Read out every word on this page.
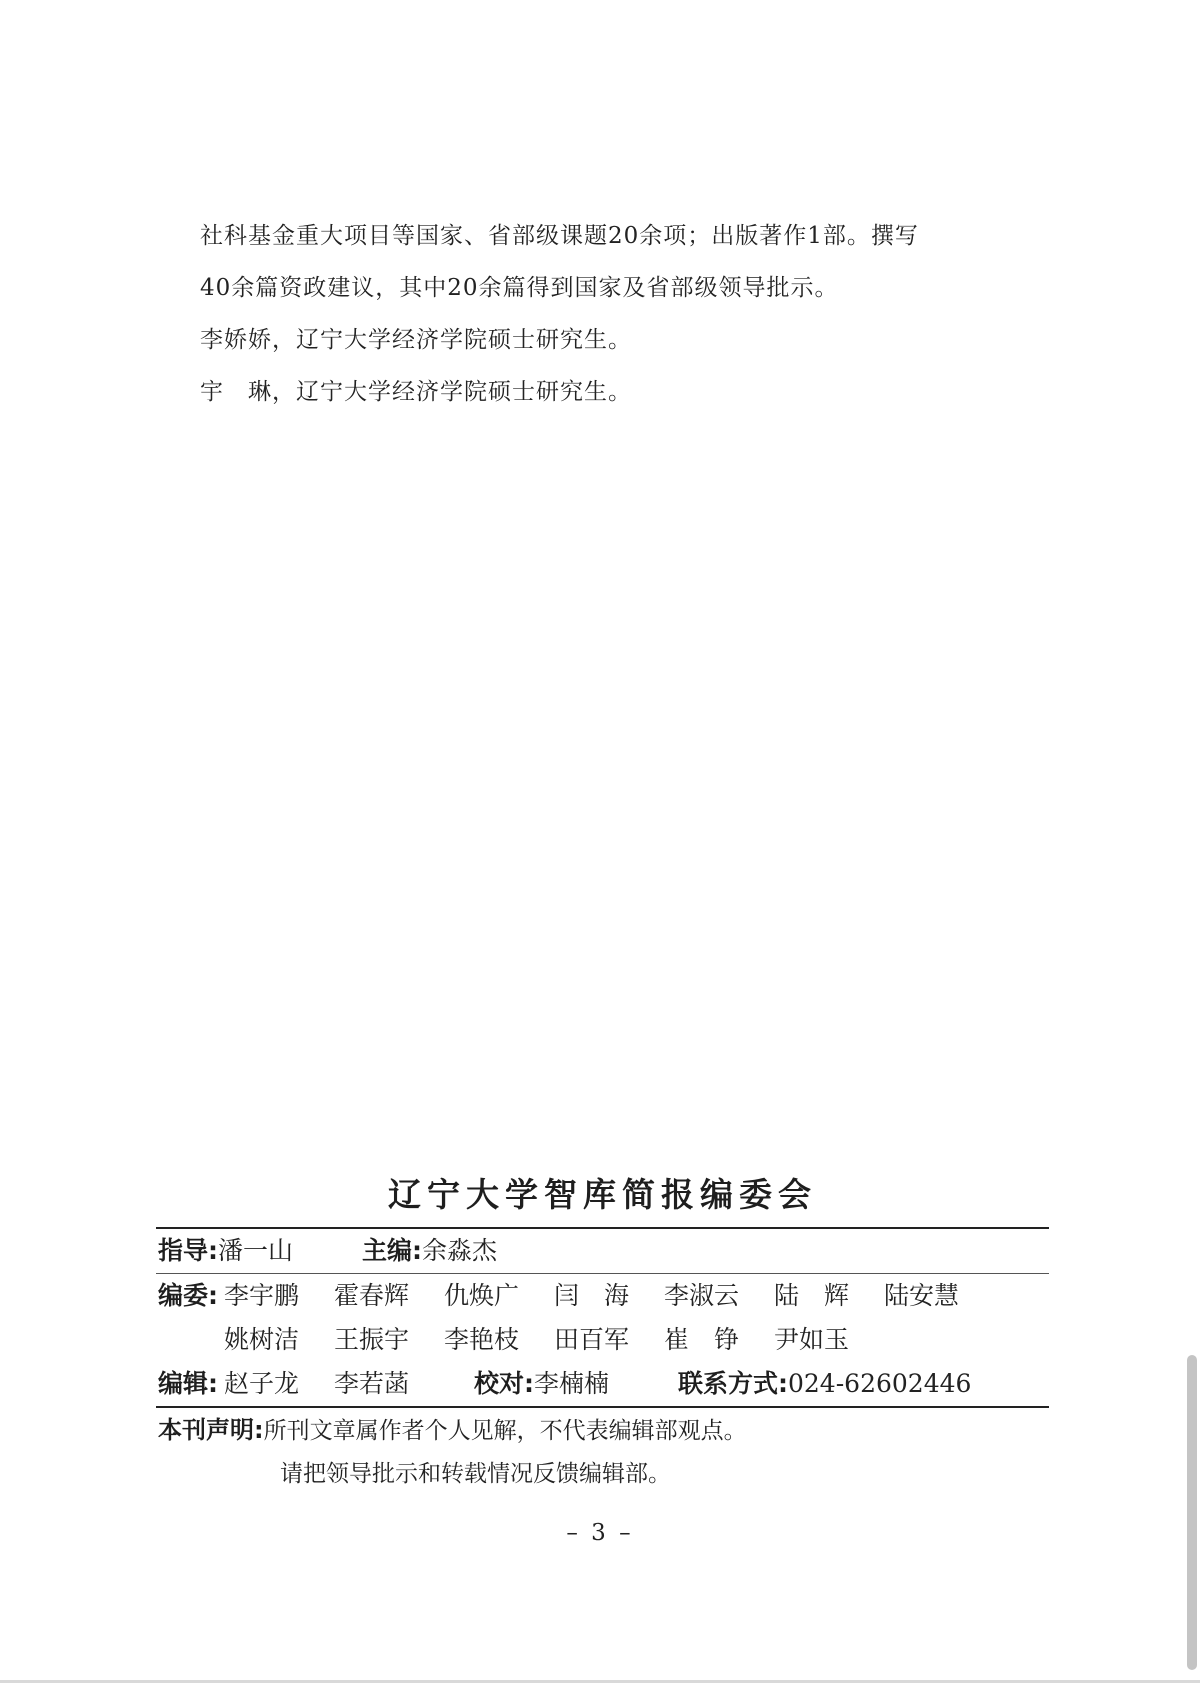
社科基金重大项目等国家、省部级课题20余项；出版著作1部。撰写
40余篇资政建议，其中20余篇得到国家及省部级领导批示。
李娇娇，辽宁大学经济学院硕士研究生。
宇　琳，辽宁大学经济学院硕士研究生。
辽宁大学智库简报编委会
指导:潘一山	主编:余淼杰
编委: 李宇鹏 霍春辉 仇焕广 闫　海 李淑云 陆　辉 陆安慧
姚树洁 王振宇 李艳枝 田百军 崔　铮 尹如玉
编辑: 赵子龙 李若菡	校对:李楠楠	联系方式:024-62602446
本刊声明:所刊文章属作者个人见解，不代表编辑部观点。
请把领导批示和转载情况反馈编辑部。
– 3 –
